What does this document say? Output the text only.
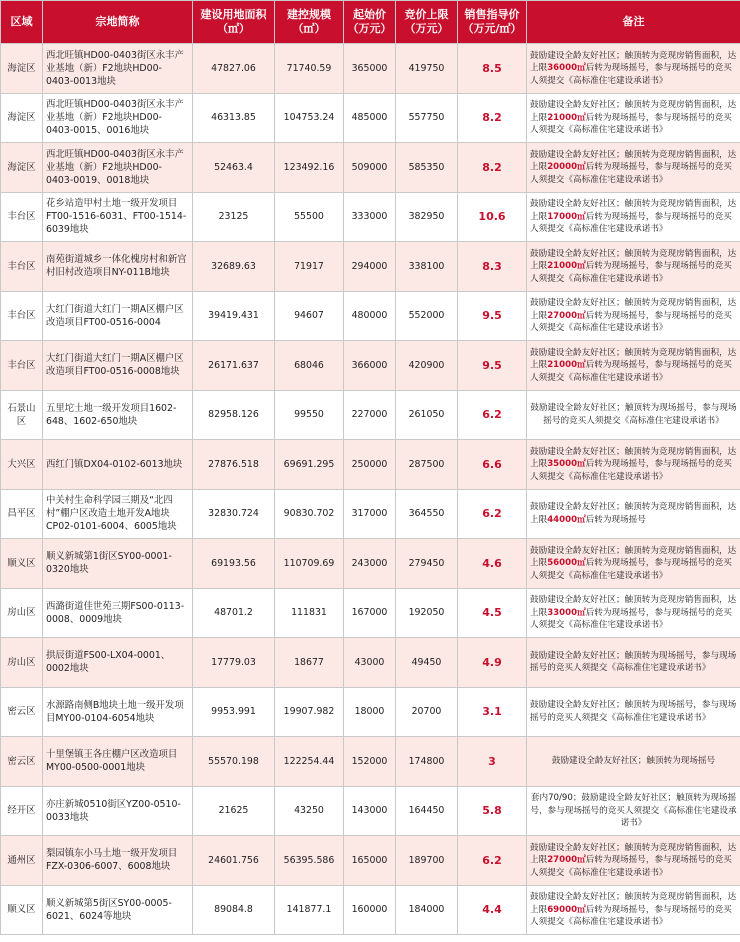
区域	宗地简称	建设用地面积（㎡）	建控规模（㎡）	起始价（万元）	竞价上限（万元）	销售指导价（万元/㎡）	备注
海淀区	西北旺镇HD00-0403街区永丰产业基地（新）F2地块HD00-0403-0013地块	47827.06	71740.59	365000	419750	8.5	鼓励建设全龄友好社区；触顶转为竞现房销售面积，达上限36000㎡后转为现场摇号，参与现场摇号的竞买人须提交《高标准住宅建设承诺书》
海淀区	西北旺镇HD00-0403街区永丰产业基地（新）F2地块HD00-0403-0015、0016地块	46313.85	104753.24	485000	557750	8.2	鼓励建设全龄友好社区；触顶转为竞现房销售面积，达上限21000㎡后转为现场摇号，参与现场摇号的竞买人须提交《高标准住宅建设承诺书》
海淀区	西北旺镇HD00-0403街区永丰产业基地（新）F2地块HD00-0403-0019、0018地块	52463.4	123492.16	509000	585350	8.2	鼓励建设全龄友好社区；触顶转为竞现房销售面积，达上限20000㎡后转为现场摇号，参与现场摇号的竞买人须提交《高标准住宅建设承诺书》
丰台区	花乡站造甲村土地一级开发项目FT00-1516-6031、FT00-1514-6039地块	23125	55500	333000	382950	10.6	鼓励建设全龄友好社区；触顶转为竞现房销售面积，达上限17000㎡后转为现场摇号，参与现场摇号的竞买人须提交《高标准住宅建设承诺书》
丰台区	南苑街道城乡一体化槐房村和新宫村旧村改造项目NY-011B地块	32689.63	71917	294000	338100	8.3	鼓励建设全龄友好社区；触顶转为竞现房销售面积，达上限21000㎡后转为现场摇号，参与现场摇号的竞买人须提交《高标准住宅建设承诺书》
丰台区	大红门街道大红门一期A区棚户区改造项目FT00-0516-0004	39419.431	94607	480000	552000	9.5	鼓励建设全龄友好社区；触顶转为竞现房销售面积，达上限27000㎡后转为现场摇号，参与现场摇号的竞买人须提交《高标准住宅建设承诺书》
丰台区	大红门街道大红门一期A区棚户区改造项目FT00-0516-0008地块	26171.637	68046	366000	420900	9.5	鼓励建设全龄友好社区；触顶转为竞现房销售面积，达上限21000㎡后转为现场摇号，参与现场摇号的竞买人须提交《高标准住宅建设承诺书》
石景山区	五里坨土地一级开发项目1602-648、1602-650地块	82958.126	99550	227000	261050	6.2	鼓励建设全龄友好社区；触顶转为现场摇号，参与现场摇号的竞买人须提交《高标准住宅建设承诺书》
大兴区	西红门镇DX04-0102-6013地块	27876.518	69691.295	250000	287500	6.6	鼓励建设全龄友好社区；触顶转为竞现房销售面积，达上限35000㎡后转为现场摇号，参与现场摇号的竞买人须提交《高标准住宅建设承诺书》
昌平区	中关村生命科学园三期及“北四村”棚户区改造土地开发A地块CP02-0101-6004、6005地块	32830.724	90830.702	317000	364550	6.2	鼓励建设全龄友好社区；触顶转为竞现房销售面积，达上限44000㎡后转为现场摇号
顺义区	顺义新城第1街区SY00-0001-0320地块	69193.56	110709.69	243000	279450	4.6	鼓励建设全龄友好社区；触顶转为竞现房销售面积，达上限56000㎡后转为现场摇号，参与现场摇号的竞买人须提交《高标准住宅建设承诺书》
房山区	西潞街道佳世苑三期FS00-0113-0008、0009地块	48701.2	111831	167000	192050	4.5	鼓励建设全龄友好社区；触顶转为竞现房销售面积，达上限33000㎡后转为现场摇号，参与现场摇号的竞买人须提交《高标准住宅建设承诺书》
房山区	拱辰街道FS00-LX04-0001、0002地块	17779.03	18677	43000	49450	4.9	鼓励建设全龄友好社区；触顶转为现场摇号，参与现场摇号的竞买人须提交《高标准住宅建设承诺书》
密云区	水源路南侧B地块土地一级开发项目MY00-0104-6054地块	9953.991	19907.982	18000	20700	3.1	鼓励建设全龄友好社区；触顶转为现场摇号，参与现场摇号的竞买人须提交《高标准住宅建设承诺书》
密云区	十里堡镇王各庄棚户区改造项目MY00-0500-0001地块	55570.198	122254.44	152000	174800	3	鼓励建设全龄友好社区；触顶转为现场摇号
经开区	亦庄新城0510街区YZ00-0510-0033地块	21625	43250	143000	164450	5.8	套内70/90；鼓励建设全龄友好社区；触顶转为现场摇号，参与现场摇号的竞买人须提交《高标准住宅建设承诺书》
通州区	梨园镇东小马土地一级开发项目FZX-0306-6007、6008地块	24601.756	56395.586	165000	189700	6.2	鼓励建设全龄友好社区；触顶转为竞现房销售面积，达上限27000㎡后转为现场摇号，参与现场摇号的竞买人须提交《高标准住宅建设承诺书》
顺义区	顺义新城第5街区SY00-0005-6021、6024等地块	89084.8	141877.1	160000	184000	4.4	鼓励建设全龄友好社区；触顶转为竞现房销售面积，达上限69000㎡后转为现场摇号，参与现场摇号的竞买人须提交《高标准住宅建设承诺书》
